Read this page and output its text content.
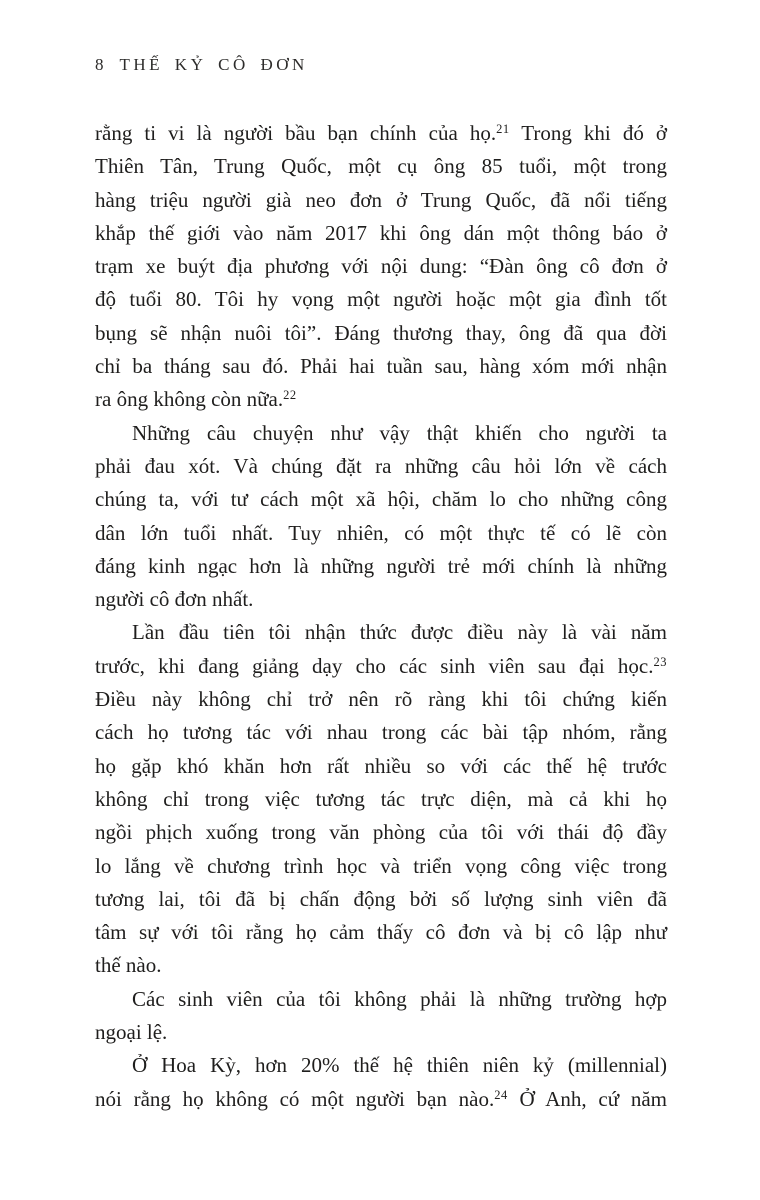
8 THẾ KỶ CÔ ĐƠN
rằng ti vi là người bầu bạn chính của họ.$^{21}$ Trong khi đó ở
Thiên Tân, Trung Quốc, một cụ ông 85 tuổi, một trong
hàng triệu người già neo đơn ở Trung Quốc, đã nổi tiếng
khắp thế giới vào năm 2017 khi ông dán một thông báo ở
trạm xe buýt địa phương với nội dung: “Đàn ông cô đơn ở
độ tuổi 80. Tôi hy vọng một người hoặc một gia đình tốt
bụng sẽ nhận nuôi tôi”. Đáng thương thay, ông đã qua đời
chỉ ba tháng sau đó. Phải hai tuần sau, hàng xóm mới nhận
ra ông không còn nữa.$^{22}$
Những câu chuyện như vậy thật khiến cho người ta
phải đau xót. Và chúng đặt ra những câu hỏi lớn về cách
chúng ta, với tư cách một xã hội, chăm lo cho những công
dân lớn tuổi nhất. Tuy nhiên, có một thực tế có lẽ còn
đáng kinh ngạc hơn là những người trẻ mới chính là những
người cô đơn nhất.
Lần đầu tiên tôi nhận thức được điều này là vài năm
trước, khi đang giảng dạy cho các sinh viên sau đại học.$^{23}$
Điều này không chỉ trở nên rõ ràng khi tôi chứng kiến
cách họ tương tác với nhau trong các bài tập nhóm, rằng
họ gặp khó khăn hơn rất nhiều so với các thế hệ trước
không chỉ trong việc tương tác trực diện, mà cả khi họ
ngồi phịch xuống trong văn phòng của tôi với thái độ đầy
lo lắng về chương trình học và triển vọng công việc trong
tương lai, tôi đã bị chấn động bởi số lượng sinh viên đã
tâm sự với tôi rằng họ cảm thấy cô đơn và bị cô lập như
thế nào.
Các sinh viên của tôi không phải là những trường hợp
ngoại lệ.
Ở Hoa Kỳ, hơn 20% thế hệ thiên niên kỷ (millennial)
nói rằng họ không có một người bạn nào.$^{24}$ Ở Anh, cứ năm
